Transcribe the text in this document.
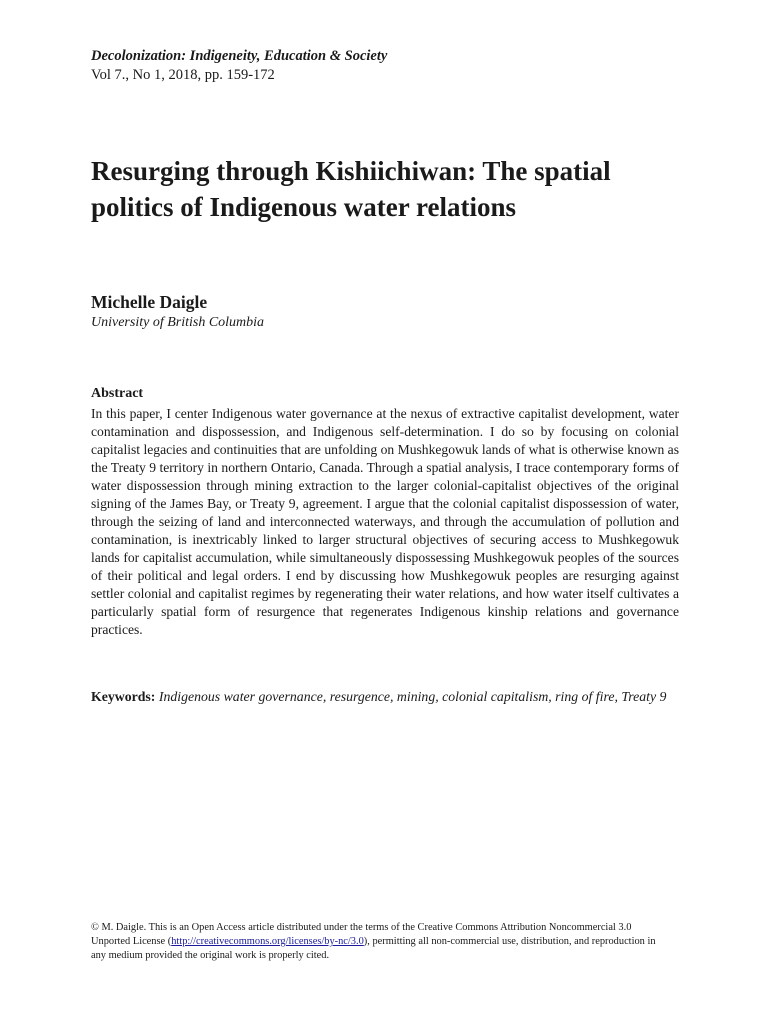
Decolonization: Indigeneity, Education & Society
Vol 7., No 1, 2018, pp. 159-172
Resurging through Kishiichiwan: The spatial politics of Indigenous water relations
Michelle Daigle
University of British Columbia
Abstract

In this paper, I center Indigenous water governance at the nexus of extractive capitalist development, water contamination and dispossession, and Indigenous self-determination. I do so by focusing on colonial capitalist legacies and continuities that are unfolding on Mushkegowuk lands of what is otherwise known as the Treaty 9 territory in northern Ontario, Canada. Through a spatial analysis, I trace contemporary forms of water dispossession through mining extraction to the larger colonial-capitalist objectives of the original signing of the James Bay, or Treaty 9, agreement. I argue that the colonial capitalist dispossession of water, through the seizing of land and interconnected waterways, and through the accumulation of pollution and contamination, is inextricably linked to larger structural objectives of securing access to Mushkegowuk lands for capitalist accumulation, while simultaneously dispossessing Mushkegowuk peoples of the sources of their political and legal orders. I end by discussing how Mushkegowuk peoples are resurging against settler colonial and capitalist regimes by regenerating their water relations, and how water itself cultivates a particularly spatial form of resurgence that regenerates Indigenous kinship relations and governance practices.

Keywords: Indigenous water governance, resurgence, mining, colonial capitalism, ring of fire, Treaty 9

© M. Daigle. This is an Open Access article distributed under the terms of the Creative Commons Attribution Noncommercial 3.0 Unported License (http://creativecommons.org/licenses/by-nc/3.0), permitting all non-commercial use, distribution, and reproduction in any medium provided the original work is properly cited.
